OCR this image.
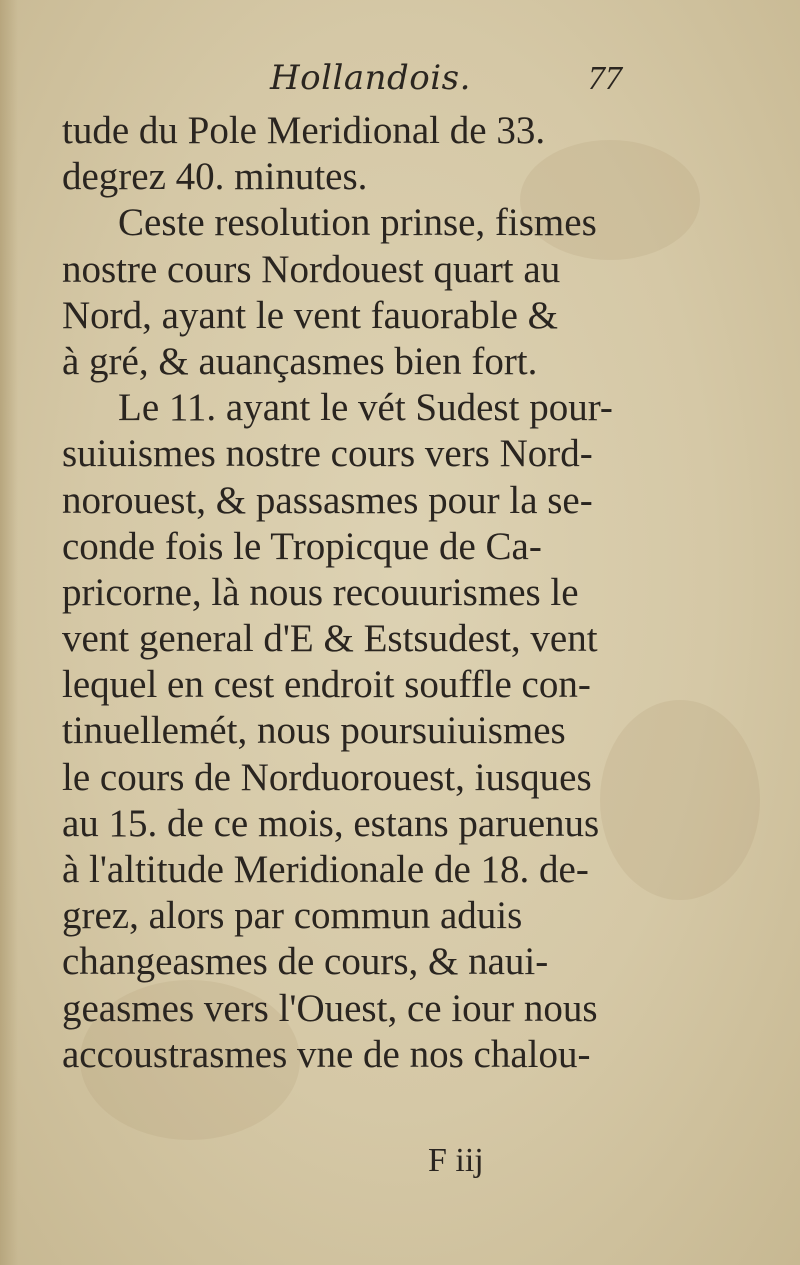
Hollandois.	77
tude du Pole Meridional de 33.
degrez 40. minutes.
Ceste resolution prinse, fismes
nostre cours Nordouest quart au
Nord, ayant le vent fauorable &
à gré, & auançasmes bien fort.
Le 11. ayant le vét Sudest pour-
suiuismes nostre cours vers Nord-
norouest, & passasmes pour la se-
conde fois le Tropicque de Ca-
pricorne, là nous recouurismes le
vent general d'E & Estsudest, vent
lequel en cest endroit souffle con-
tinuellemét, nous poursuiuismes
le cours de Norduorouest, iusques
au 15. de ce mois, estans paruenus
à l'altitude Meridionale de 18. de-
grez, alors par commun aduis
changeasmes de cours, & naui-
geasmes vers l'Ouest, ce iour nous
accoustrasmes vne de nos chalou-
F iij
